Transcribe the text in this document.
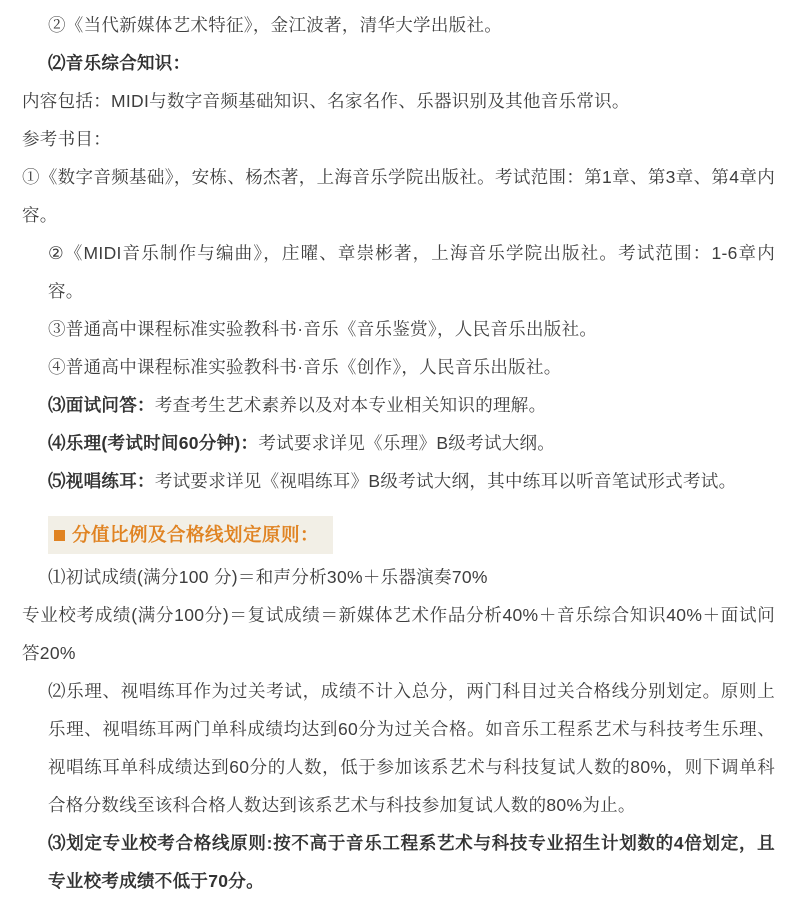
②《当代新媒体艺术特征》，金江波著，清华大学出版社。

⑵音乐综合知识：

内容包括：MIDI与数字音频基础知识、名家名作、乐器识别及其他音乐常识。

参考书目：

①《数字音频基础》，安栋、杨杰著，上海音乐学院出版社。考试范围：第1章、第3章、第4章内容。

②《MIDI音乐制作与编曲》，庄曜、章崇彬著，上海音乐学院出版社。考试范围：1-6章内容。

③普通高中课程标准实验教科书·音乐《音乐鉴赏》，人民音乐出版社。

④普通高中课程标准实验教科书·音乐《创作》，人民音乐出版社。

⑶面试问答：考查考生艺术素养以及对本专业相关知识的理解。

⑷乐理(考试时间60分钟)：考试要求详见《乐理》B级考试大纲。

⑸视唱练耳：考试要求详见《视唱练耳》B级考试大纲，其中练耳以听音笔试形式考试。

分值比例及合格线划定原则：

⑴初试成绩(满分100 分)＝和声分析30%＋乐器演奏70%

专业校考成绩(满分100分)＝复试成绩＝新媒体艺术作品分析40%＋音乐综合知识40%＋面试问答20%

⑵乐理、视唱练耳作为过关考试，成绩不计入总分，两门科目过关合格线分别划定。原则上乐理、视唱练耳两门单科成绩均达到60分为过关合格。如音乐工程系艺术与科技考生乐理、视唱练耳单科成绩达到60分的人数，低于参加该系艺术与科技复试人数的80%，则下调单科合格分数线至该科合格人数达到该系艺术与科技参加复试人数的80%为止。

⑶划定专业校考合格线原则:按不高于音乐工程系艺术与科技专业招生计划数的4倍划定，且专业校考成绩不低于70分。
